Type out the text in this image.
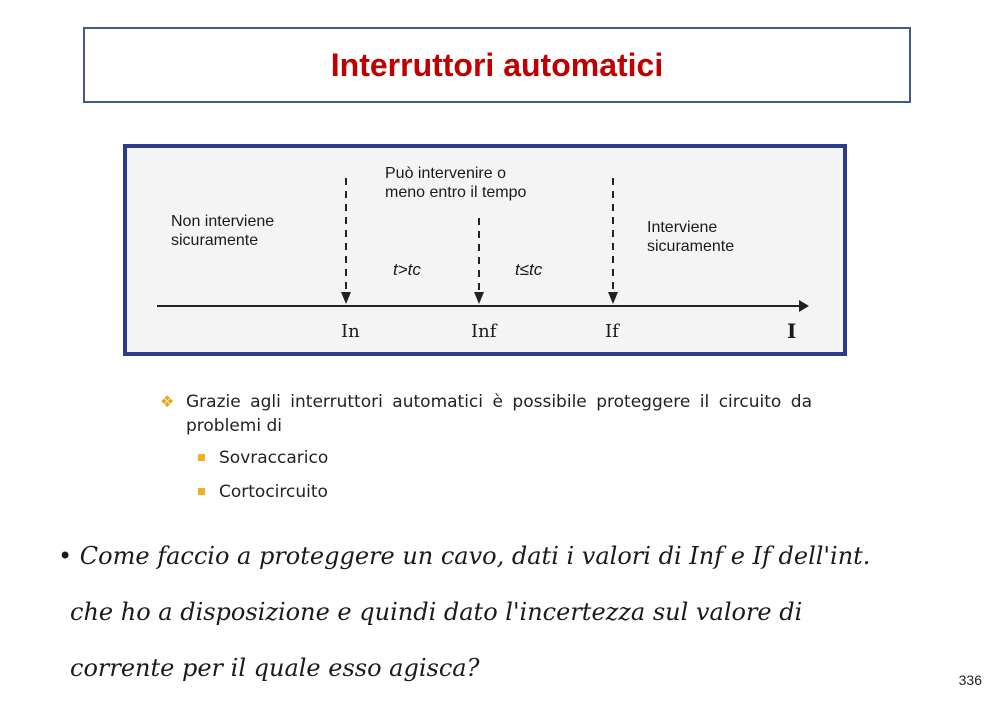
Interruttori automatici

Non interviene
sicuramente

Può intervenire o
meno entro il tempo

Interviene
sicuramente

t>tc	t≤tc

In	Inf	If	I

❖ Grazie agli interruttori automatici è possibile proteggere il circuito da problemi di

Sovraccarico
Cortocircuito
• Come faccio a proteggere un cavo, dati i valori di Inf e If dell'int.
che ho a disposizione e quindi dato l'incertezza sul valore di
corrente per il quale esso agisca?	336
